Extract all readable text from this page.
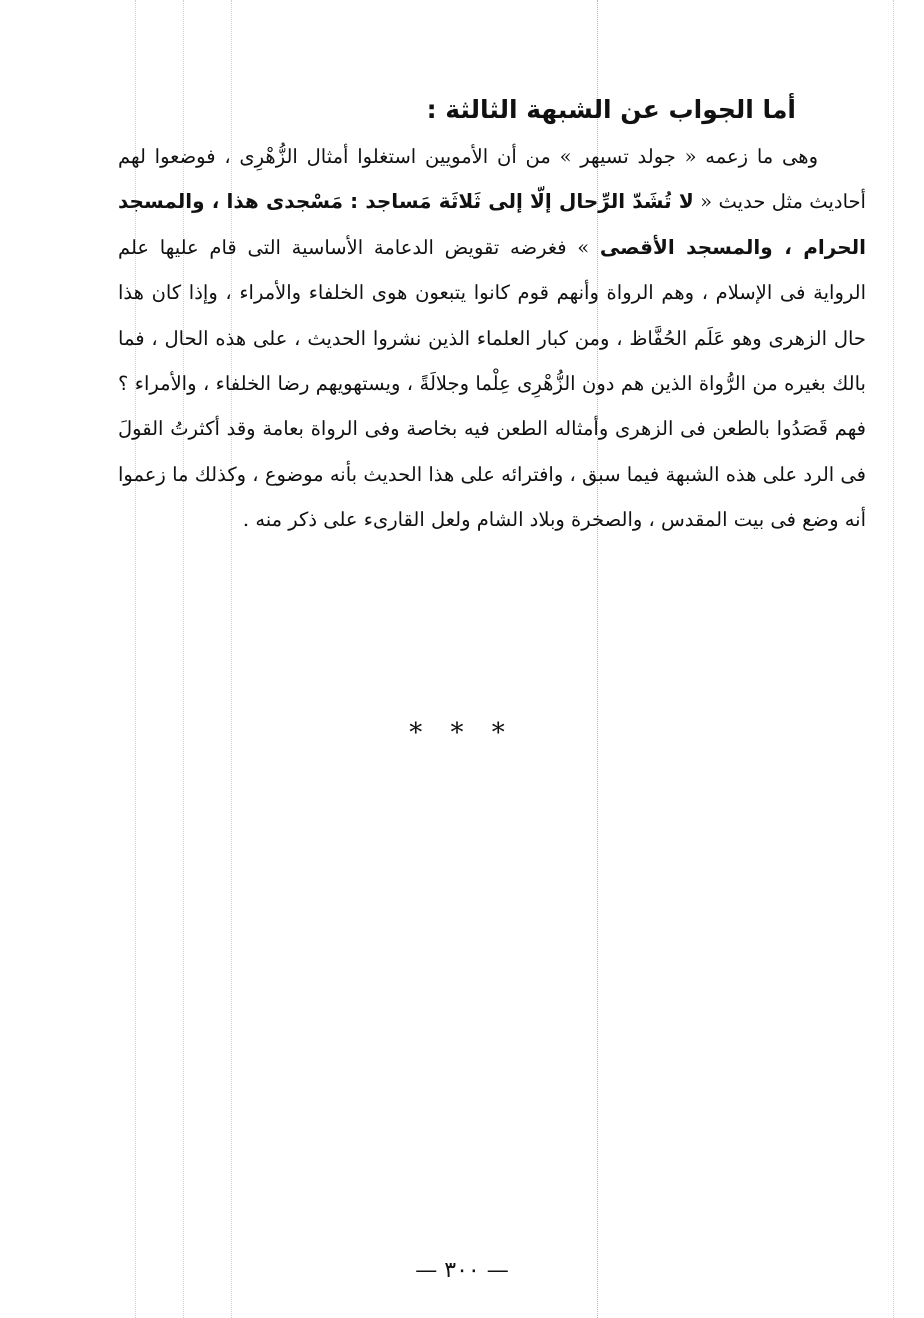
أما الجواب عن الشبهة الثالثة :

وهى ما زعمه « جولد تسيهر » من أن الأمويين استغلوا أمثال الزُّهْرِى ، فوضعوا لهم أحاديث مثل حديث « لا تُشَدّ الرِّحال إلّا إلى ثَلاثَة مَساجد : مَسْجدى هذا ، والمسجد الحرام ، والمسجد الأقصى » فغرضه تقويض الدعامة الأساسية التى قام عليها علم الرواية فى الإسلام ، وهم الرواة وأنهم قوم كانوا يتبعون هوى الخلفاء والأمراء ، وإذا كان هذا حال الزهرى وهو عَلَم الحُفَّاظ ، ومن كبار العلماء الذين نشروا الحديث ، على هذه الحال ، فما بالك بغيره من الرُّواة الذين هم دون الزُّهْرِى عِلْما وجلالَةً ، ويستهويهم رضا الخلفاء ، والأمراء ؟ فهم قَصَدُوا بالطعن فى الزهرى وأمثاله الطعن فيه بخاصة وفى الرواة بعامة وقد أكثرتُ القولَ فى الرد على هذه الشبهة فيما سبق ، وافترائه على هذا الحديث بأنه موضوع ، وكذلك ما زعموا أنه وضع فى بيت المقدس ، والصخرة وبلاد الشام ولعل القارىء على ذكر منه .

* * *
— ٣٠٠ —
